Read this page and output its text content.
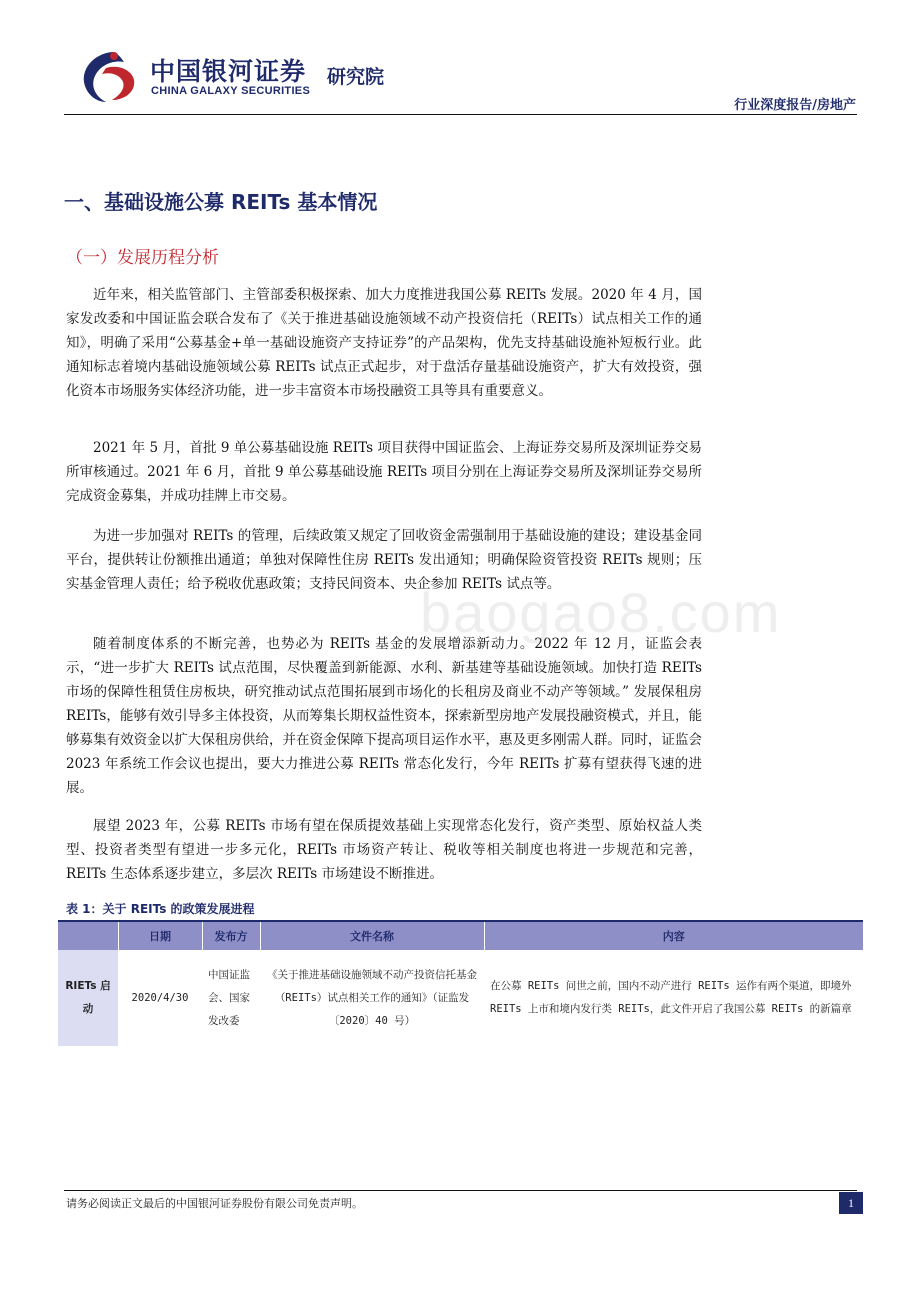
中国银河证券 研究院
CHINA GALAXY SECURITIES
行业深度报告/房地产
一、基础设施公募 REITs 基本情况
（一）发展历程分析

近年来，相关监管部门、主管部委积极探索、加大力度推进我国公募 REITs 发展。2020 年 4 月，国家发改委和中国证监会联合发布了《关于推进基础设施领域不动产投资信托（REITs）试点相关工作的通知》，明确了采用“公募基金+单一基础设施资产支持证券”的产品架构，优先支持基础设施补短板行业。此通知标志着境内基础设施领域公募 REITs 试点正式起步，对于盘活存量基础设施资产，扩大有效投资，强化资本市场服务实体经济功能，进一步丰富资本市场投融资工具等具有重要意义。

2021 年 5 月，首批 9 单公募基础设施 REITs 项目获得中国证监会、上海证券交易所及深圳证券交易所审核通过。2021 年 6 月，首批 9 单公募基础设施 REITs 项目分别在上海证券交易所及深圳证券交易所完成资金募集，并成功挂牌上市交易。

为进一步加强对 REITs 的管理，后续政策又规定了回收资金需强制用于基础设施的建设；建设基金同平台，提供转让份额推出通道；单独对保障性住房 REITs 发出通知；明确保险资管投资 REITs 规则；压实基金管理人责任；给予税收优惠政策；支持民间资本、央企参加 REITs 试点等。

随着制度体系的不断完善，也势必为 REITs 基金的发展增添新动力。2022 年 12 月，证监会表示，“进一步扩大 REITs 试点范围，尽快覆盖到新能源、水利、新基建等基础设施领域。加快打造 REITs 市场的保障性租赁住房板块，研究推动试点范围拓展到市场化的长租房及商业不动产等领域。” 发展保租房 REITs，能够有效引导多主体投资，从而筹集长期权益性资本，探索新型房地产发展投融资模式，并且，能够募集有效资金以扩大保租房供给，并在资金保障下提高项目运作水平，惠及更多刚需人群。同时，证监会 2023 年系统工作会议也提出，要大力推进公募 REITs 常态化发行，今年 REITs 扩募有望获得飞速的进展。

展望 2023 年，公募 REITs 市场有望在保质提效基础上实现常态化发行，资产类型、原始权益人类型、投资者类型有望进一步多元化，REITs 市场资产转让、税收等相关制度也将进一步规范和完善，REITs 生态体系逐步建立，多层次 REITs 市场建设不断推进。

baogao8.com
表 1：关于 REITs 的政策发展进程
	日期	发布方	文件名称	内容
RIETs 启动	2020/4/30	中国证监会、国家发改委	《关于推进基础设施领域不动产投资信托基金（REITs）试点相关工作的通知》（证监发〔2020〕40 号）	在公募 REITs 问世之前，国内不动产进行 REITs 运作有两个渠道，即境外 REITs 上市和境内发行类 REITs，此文件开启了我国公募 REITs 的新篇章
请务必阅读正文最后的中国银河证券股份有限公司免责声明。	1
